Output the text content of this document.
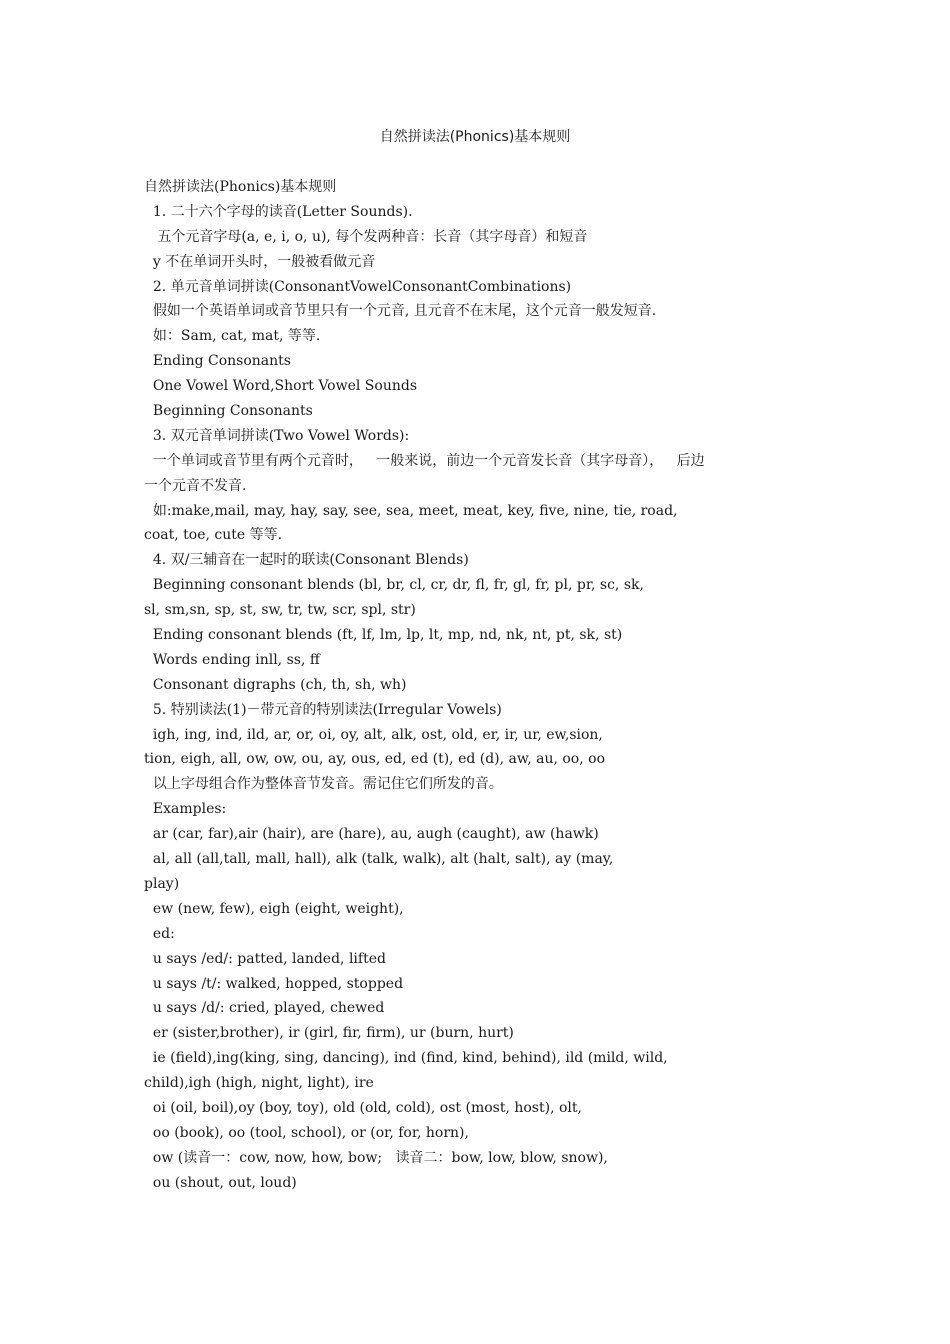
自然拼读法(Phonics)基本规则
自然拼读法(Phonics)基本规则
1. 二十六个字母的读音(Letter Sounds).
五个元音字母(a, e, i, o, u), 每个发两种音：长音（其字母音）和短音
y 不在单词开头时，一般被看做元音
2. 单元音单词拼读(ConsonantVowelConsonantCombinations)
假如一个英语单词或音节里只有一个元音, 且元音不在末尾，这个元音一般发短音.
如：Sam, cat, mat, 等等.
Ending Consonants
One Vowel Word,Short Vowel Sounds
Beginning Consonants
3. 双元音单词拼读(Two Vowel Words):
一个单词或音节里有两个元音时，   一般来说，前边一个元音发长音（其字母音），   后边
一个元音不发音.
如:make,mail, may, hay, say, see, sea, meet, meat, key, five, nine, tie, road,
coat, toe, cute 等等.
4. 双/三辅音在一起时的联读(Consonant Blends)
Beginning consonant blends (bl, br, cl, cr, dr, fl, fr, gl, fr, pl, pr, sc, sk,
sl, sm,sn, sp, st, sw, tr, tw, scr, spl, str)
Ending consonant blends (ft, lf, lm, lp, lt, mp, nd, nk, nt, pt, sk, st)
Words ending inll, ss, ff
Consonant digraphs (ch, th, sh, wh)
5. 特别读法(1)－带元音的特别读法(Irregular Vowels)
igh, ing, ind, ild, ar, or, oi, oy, alt, alk, ost, old, er, ir, ur, ew,sion,
tion, eigh, all, ow, ow, ou, ay, ous, ed, ed (t), ed (d), aw, au, oo, oo
以上字母组合作为整体音节发音。需记住它们所发的音。
Examples:
ar (car, far),air (hair), are (hare), au, augh (caught), aw (hawk)
al, all (all,tall, mall, hall), alk (talk, walk), alt (halt, salt), ay (may,
play)
ew (new, few), eigh (eight, weight),
ed:
u says /ed/: patted, landed, lifted
u says /t/: walked, hopped, stopped
u says /d/: cried, played, chewed
er (sister,brother), ir (girl, fir, firm), ur (burn, hurt)
ie (field),ing(king, sing, dancing), ind (find, kind, behind), ild (mild, wild,
child),igh (high, night, light), ire
oi (oil, boil),oy (boy, toy), old (old, cold), ost (most, host), olt,
oo (book), oo (tool, school), or (or, for, horn),
ow (读音一：cow, now, how, bow;   读音二：bow, low, blow, snow),
ou (shout, out, loud)
